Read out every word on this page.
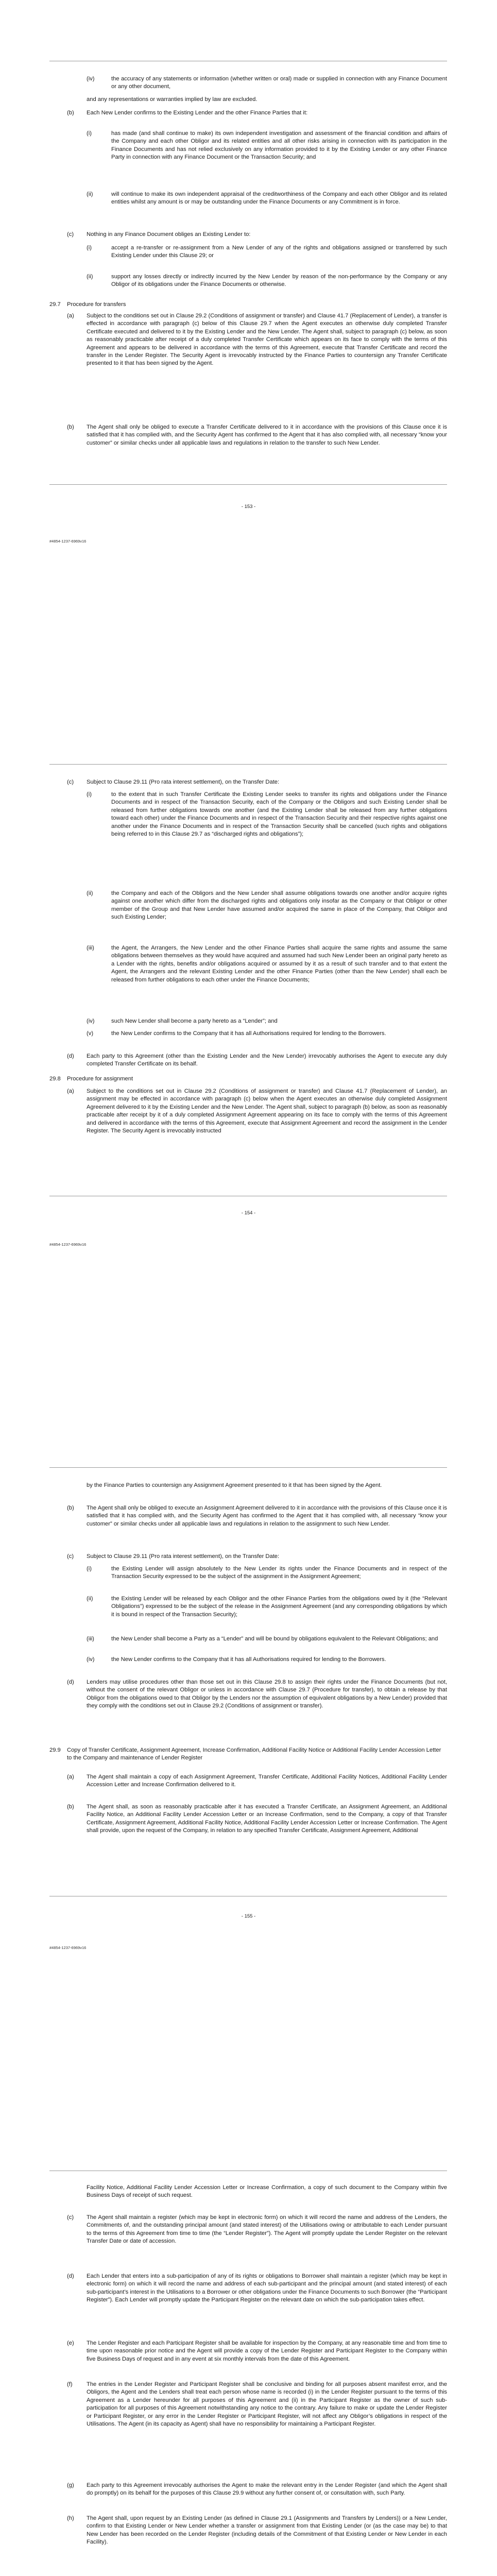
(iv)	the accuracy of any statements or information (whether written or oral) made or supplied in connection with any Finance Document or any other document,
and any representations or warranties implied by law are excluded.
(b) Each New Lender confirms to the Existing Lender and the other Finance Parties that it:
(i)	has made (and shall continue to make) its own independent investigation and assessment of the financial condition and affairs of the Company and each other Obligor and its related entities and all other risks arising in connection with its participation in the Finance Documents and has not relied exclusively on any information provided to it by the Existing Lender or any other Finance Party in connection with any Finance Document or the Transaction Security; and
(ii)	will continue to make its own independent appraisal of the creditworthiness of the Company and each other Obligor and its related entities whilst any amount is or may be outstanding under the Finance Documents or any Commitment is in force.
(c) Nothing in any Finance Document obliges an Existing Lender to:
(i)	accept a re-transfer or re-assignment from a New Lender of any of the rights and obligations assigned or transferred by such Existing Lender under this Clause 29; or
(ii)	support any losses directly or indirectly incurred by the New Lender by reason of the non-performance by the Company or any Obligor of its obligations under the Finance Documents or otherwise.
29.7 Procedure for transfers
(a) Subject to the conditions set out in Clause 29.2 (Conditions of assignment or transfer) and Clause 41.7 (Replacement of Lender), a transfer is effected in accordance with paragraph (c) below of this Clause 29.7 when the Agent executes an otherwise duly completed Transfer Certificate executed and delivered to it by the Existing Lender and the New Lender. The Agent shall, subject to paragraph (c) below, as soon as reasonably practicable after receipt of a duly completed Transfer Certificate which appears on its face to comply with the terms of this Agreement and appears to be delivered in accordance with the terms of this Agreement, execute that Transfer Certificate and record the transfer in the Lender Register. The Security Agent is irrevocably instructed by the Finance Parties to countersign any Transfer Certificate presented to it that has been signed by the Agent.
(b) The Agent shall only be obliged to execute a Transfer Certificate delivered to it in accordance with the provisions of this Clause once it is satisfied that it has complied with, and the Security Agent has confirmed to the Agent that it has also complied with, all necessary “know your customer” or similar checks under all applicable laws and regulations in relation to the transfer to such New Lender.
- 153 -
#4854-1237-6969v16
(c) Subject to Clause 29.11 (Pro rata interest settlement), on the Transfer Date:
(i)	to the extent that in such Transfer Certificate the Existing Lender seeks to transfer its rights and obligations under the Finance Documents and in respect of the Transaction Security, each of the Company or the Obligors and such Existing Lender shall be released from further obligations towards one another (and the Existing Lender shall be released from any further obligations toward each other) under the Finance Documents and in respect of the Transaction Security and their respective rights against one another under the Finance Documents and in respect of the Transaction Security shall be cancelled (such rights and obligations being referred to in this Clause 29.7 as “discharged rights and obligations”);
(ii)	the Company and each of the Obligors and the New Lender shall assume obligations towards one another and/or acquire rights against one another which differ from the discharged rights and obligations only insofar as the Company or that Obligor or other member of the Group and that New Lender have assumed and/or acquired the same in place of the Company, that Obligor and such Existing Lender;
(iii)	the Agent, the Arrangers, the New Lender and the other Finance Parties shall acquire the same rights and assume the same obligations between themselves as they would have acquired and assumed had such New Lender been an original party hereto as a Lender with the rights, benefits and/or obligations acquired or assumed by it as a result of such transfer and to that extent the Agent, the Arrangers and the relevant Existing Lender and the other Finance Parties (other than the New Lender) shall each be released from further obligations to each other under the Finance Documents;
(iv)	such New Lender shall become a party hereto as a “Lender”; and
(v)	the New Lender confirms to the Company that it has all Authorisations required for lending to the Borrowers.
(d) Each party to this Agreement (other than the Existing Lender and the New Lender) irrevocably authorises the Agent to execute any duly completed Transfer Certificate on its behalf.
29.8 Procedure for assignment
(a) Subject to the conditions set out in Clause 29.2 (Conditions of assignment or transfer) and Clause 41.7 (Replacement of Lender), an assignment may be effected in accordance with paragraph (c) below when the Agent executes an otherwise duly completed Assignment Agreement delivered to it by the Existing Lender and the New Lender. The Agent shall, subject to paragraph (b) below, as soon as reasonably practicable after receipt by it of a duly completed Assignment Agreement appearing on its face to comply with the terms of this Agreement and delivered in accordance with the terms of this Agreement, execute that Assignment Agreement and record the assignment in the Lender Register. The Security Agent is irrevocably instructed
- 154 -
#4854-1237-6969v16
by the Finance Parties to countersign any Assignment Agreement presented to it that has been signed by the Agent.
(b) The Agent shall only be obliged to execute an Assignment Agreement delivered to it in accordance with the provisions of this Clause once it is satisfied that it has complied with, and the Security Agent has confirmed to the Agent that it has complied with, all necessary “know your customer” or similar checks under all applicable laws and regulations in relation to the assignment to such New Lender.
(c) Subject to Clause 29.11 (Pro rata interest settlement), on the Transfer Date:
(i)	the Existing Lender will assign absolutely to the New Lender its rights under the Finance Documents and in respect of the Transaction Security expressed to be the subject of the assignment in the Assignment Agreement;
(ii)	the Existing Lender will be released by each Obligor and the other Finance Parties from the obligations owed by it (the “Relevant Obligations”) expressed to be the subject of the release in the Assignment Agreement (and any corresponding obligations by which it is bound in respect of the Transaction Security);
(iii)	the New Lender shall become a Party as a “Lender” and will be bound by obligations equivalent to the Relevant Obligations; and
(iv)	the New Lender confirms to the Company that it has all Authorisations required for lending to the Borrowers.
(d) Lenders may utilise procedures other than those set out in this Clause 29.8 to assign their rights under the Finance Documents (but not, without the consent of the relevant Obligor or unless in accordance with Clause 29.7 (Procedure for transfer), to obtain a release by that Obligor from the obligations owed to that Obligor by the Lenders nor the assumption of equivalent obligations by a New Lender) provided that they comply with the conditions set out in Clause 29.2 (Conditions of assignment or transfer).
29.9 Copy of Transfer Certificate, Assignment Agreement, Increase Confirmation, Additional Facility Notice or Additional Facility Lender Accession Letter to the Company and maintenance of Lender Register
(a) The Agent shall maintain a copy of each Assignment Agreement, Transfer Certificate, Additional Facility Notices, Additional Facility Lender Accession Letter and Increase Confirmation delivered to it.
(b) The Agent shall, as soon as reasonably practicable after it has executed a Transfer Certificate, an Assignment Agreement, an Additional Facility Notice, an Additional Facility Lender Accession Letter or an Increase Confirmation, send to the Company, a copy of that Transfer Certificate, Assignment Agreement, Additional Facility Notice, Additional Facility Lender Accession Letter or Increase Confirmation. The Agent shall provide, upon the request of the Company, in relation to any specified Transfer Certificate, Assignment Agreement, Additional
- 155 -
#4854-1237-6969v16
Facility Notice, Additional Facility Lender Accession Letter or Increase Confirmation, a copy of such document to the Company within five Business Days of receipt of such request.
(c) The Agent shall maintain a register (which may be kept in electronic form) on which it will record the name and address of the Lenders, the Commitments of, and the outstanding principal amount (and stated interest) of the Utilisations owing or attributable to each Lender pursuant to the terms of this Agreement from time to time (the “Lender Register”). The Agent will promptly update the Lender Register on the relevant Transfer Date or date of accession.
(d) Each Lender that enters into a sub-participation of any of its rights or obligations to Borrower shall maintain a register (which may be kept in electronic form) on which it will record the name and address of each sub-participant and the principal amount (and stated interest) of each sub-participant’s interest in the Utilisations to a Borrower or other obligations under the Finance Documents to such Borrower (the “Participant Register”). Each Lender will promptly update the Participant Register on the relevant date on which the sub-participation takes effect.
(e) The Lender Register and each Participant Register shall be available for inspection by the Company, at any reasonable time and from time to time upon reasonable prior notice and the Agent will provide a copy of the Lender Register and Participant Register to the Company within five Business Days of request and in any event at six monthly intervals from the date of this Agreement.
(f) The entries in the Lender Register and Participant Register shall be conclusive and binding for all purposes absent manifest error, and the Obligors, the Agent and the Lenders shall treat each person whose name is recorded (i) in the Lender Register pursuant to the terms of this Agreement as a Lender hereunder for all purposes of this Agreement and (ii) in the Participant Register as the owner of such sub-participation for all purposes of this Agreement notwithstanding any notice to the contrary. Any failure to make or update the Lender Register or Participant Register, or any error in the Lender Register or Participant Register, will not affect any Obligor’s obligations in respect of the Utilisations. The Agent (in its capacity as Agent) shall have no responsibility for maintaining a Participant Register.
(g) Each party to this Agreement irrevocably authorises the Agent to make the relevant entry in the Lender Register (and which the Agent shall do promptly) on its behalf for the purposes of this Clause 29.9 without any further consent of, or consultation with, such Party.
(h) The Agent shall, upon request by an Existing Lender (as defined in Clause 29.1 (Assignments and Transfers by Lenders)) or a New Lender, confirm to that Existing Lender or New Lender whether a transfer or assignment from that Existing Lender (or (as the case may be) to that New Lender has been recorded on the Lender Register (including details of the Commitment of that Existing Lender or New Lender in each Facility).
